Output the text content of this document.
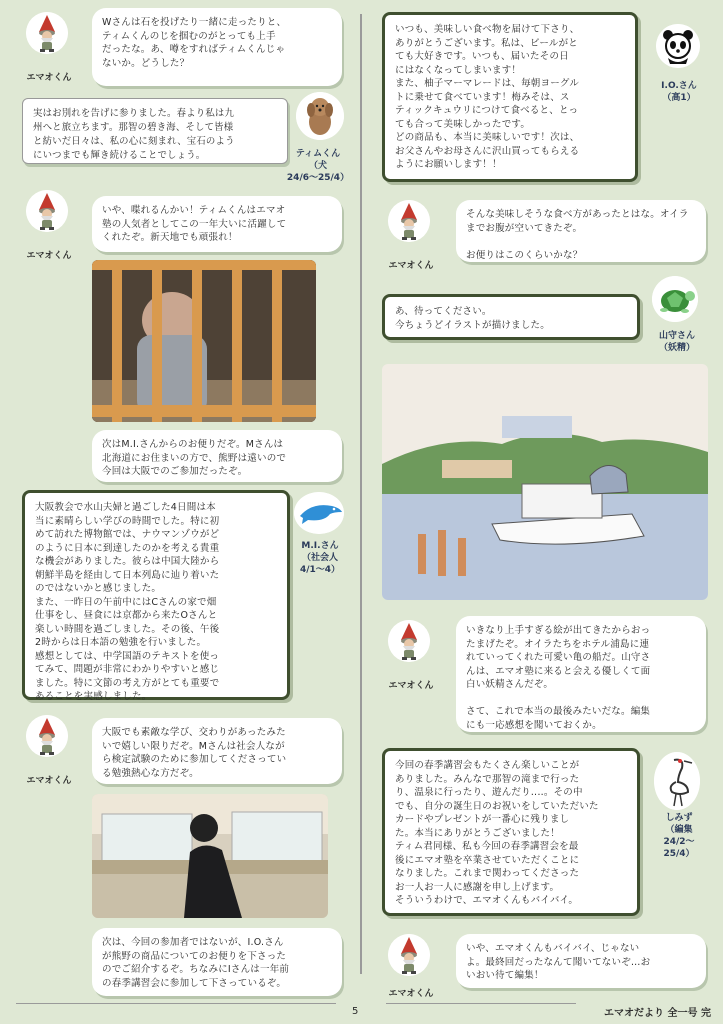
エマオくん
Wさんは石を投げたり一緒に走ったりと、
ティムくんのじを掴むのがとっても上手
だったな。あ、噂をすればティムくんじゃ
ないか。どうした？
実はお別れを告げに参りました。春より私は九
州へと旅立ちます。那智の碧き海、そして皆様
と紡いだ日々は、私の心に刻まれ、宝石のよう
にいつまでも輝き続けることでしょう。	ティムくん
（犬
24/6〜25/4）
エマオくん
いや、喋れるんかい！ティムくんはエマオ
塾の人気者としてこの一年大いに活躍して
くれたぞ。新天地でも頑張れ！
次はM.I.さんからのお便りだぞ。Mさんは
北海道にお住まいの方で、熊野は遠いので
今回は大阪でのご参加だったぞ。
大阪教会で水山夫婦と過ごした4日間は本
当に素晴らしい学びの時間でした。特に初
めて訪れた博物館では、ナウマンゾウがど
のように日本に到達したのかを考える貴重
な機会がありました。彼らは中国大陸から
朝鮮半島を経由して日本列島に辿り着いた
のではないかと感じました。
また、一昨日の午前中にはCさんの家で畑
仕事をし、昼食には京都から来たOさんと
楽しい時間を過ごしました。その後、午後
2時からは日本語の勉強を行いました。
感想としては、中学国語のテキストを使っ
てみて、問題が非常にわかりやすいと感じ
ました。特に文節の考え方がとても重要で
あることを実感しました。
M.I.さん
（社会人
4/1〜4）
エマオくん
大阪でも素敵な学び、交わりがあったみた
いで嬉しい限りだぞ。Mさんは社会人なが
ら検定試験のために参加してくださってい
る勉強熱心な方だぞ。
次は、今回の参加者ではないが、I.O.さん
が熊野の商品についてのお便りを下さった
のでご紹介するぞ。ちなみにIさんは一年前
の春季講習会に参加して下さっているぞ。
いつも、美味しい食べ物を届けて下さり、
ありがとうございます。私は、ビールがと
ても大好きです。いつも、届いたその日
にはなくなってしまいます！
また、柚子マーマレードは、毎朝ヨーグル
トに乗せて食べています！梅みそは、ス
ティックキュウリにつけて食べると、とっ
ても合って美味しかったです。
どの商品も、本当に美味しいです！次は、
お父さんやお母さんに沢山買ってもらえる
ようにお願いします！！
I.O.さん
（高1）
エマオくん
そんな美味しそうな食べ方があったとはな。オイラまでお腹が空いてきたぞ。

お便りはこのくらいかな？
あ、待ってください。
今ちょうどイラストが描けました。
山守さん
（妖精）
エマオくん
いきなり上手すぎる絵が出てきたからおっ
たまげたぞ。オイラたちをホテル浦島に連
れていってくれた可愛い亀の船だ。山守さ
んは、エマオ塾に来ると会える優しくて面
白い妖精さんだぞ。

さて、これで本当の最後みたいだな。編集
にも一応感想を聞いておくか。
今回の春季講習会もたくさん楽しいことが
ありました。みんなで那智の滝まで行った
り、温泉に行ったり、遊んだり‥‥。その中
でも、自分の誕生日のお祝いをしていただいた
カードやプレゼントが一番心に残りまし
た。本当にありがとうございました！
ティム君同様、私も今回の春季講習会を最
後にエマオ塾を卒業させていただくことに
なりました。これまで関わってくださった
お一人お一人に感謝を申し上げます。
そういうわけで、エマオくんもバイバイ。
しみず
（編集
24/2〜
25/4）
エマオくん
いや、エマオくんもバイバイ、じゃない
よ。最終回だったなんて聞いてないぞ…お
いおい待て編集！
5	エマオだより 全一号 完
